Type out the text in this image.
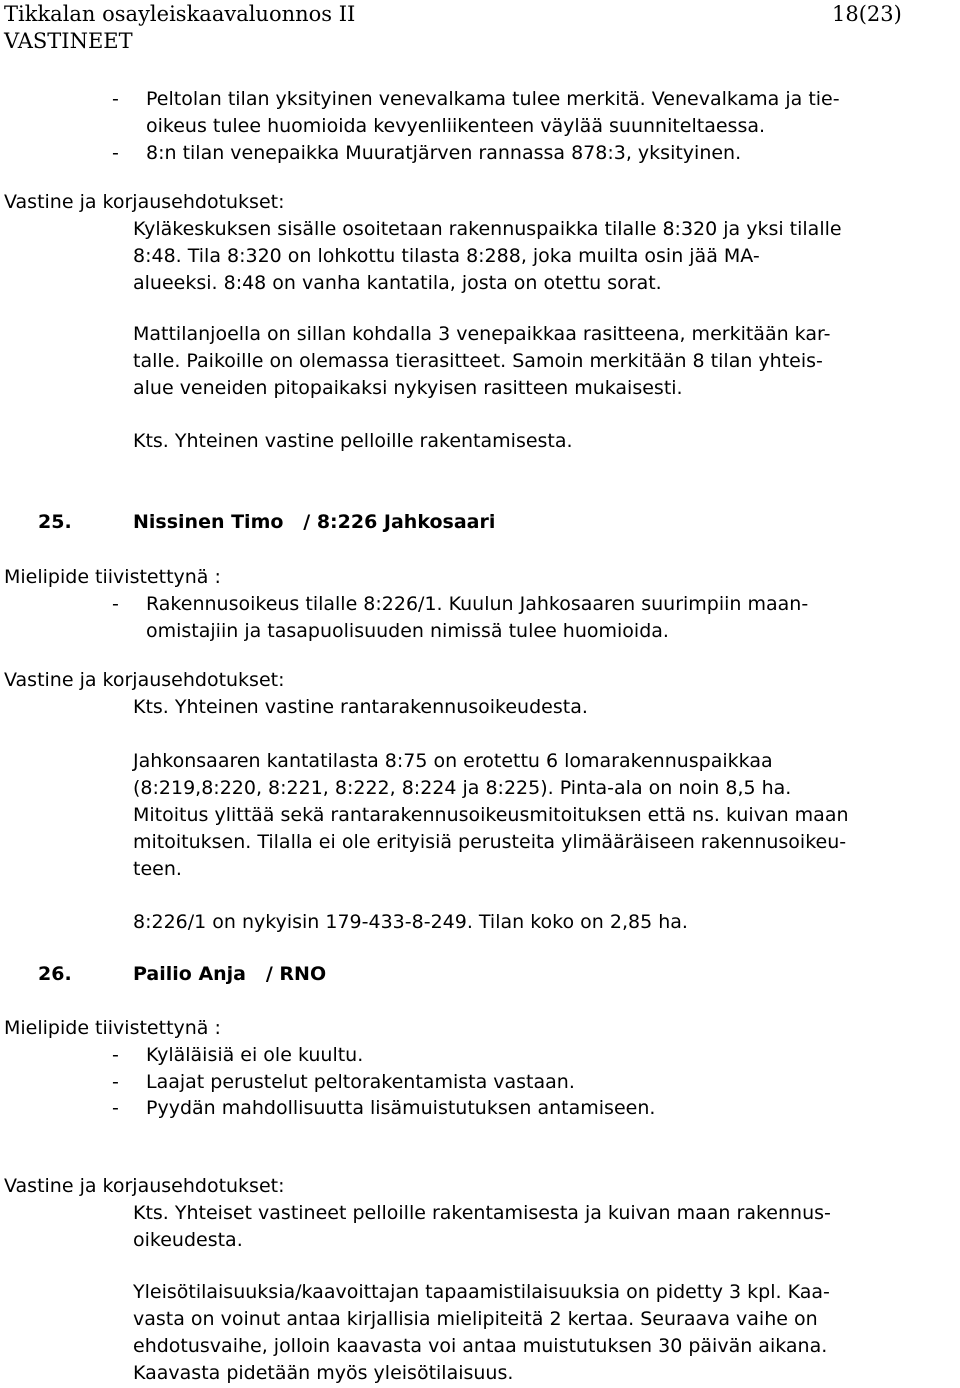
Tikkalan osayleiskaavaluonnos II	18(23)
VASTINEET
- Peltolan tilan yksityinen venevalkama tulee merkitä. Venevalkama ja tie-
oikeus tulee huomioida kevyenliikenteen väylää suunniteltaessa.
- 8:n tilan venepaikka Muuratjärven rannassa 878:3, yksityinen.
Vastine ja korjausehdotukset:
Kyläkeskuksen sisälle osoitetaan rakennuspaikka tilalle 8:320 ja yksi tilalle
8:48. Tila 8:320 on lohkottu tilasta 8:288, joka muilta osin jää MA-
alueeksi. 8:48 on vanha kantatila, josta on otettu sorat.
Mattilanjoella on sillan kohdalla 3 venepaikkaa rasitteena, merkitään kar-
talle. Paikoille on olemassa tierasitteet. Samoin merkitään 8 tilan yhteis-
alue veneiden pitopaikaksi nykyisen rasitteen mukaisesti.
Kts. Yhteinen vastine pelloille rakentamisesta.
25.	Nissinen Timo   / 8:226 Jahkosaari
Mielipide tiivistettynä :
- Rakennusoikeus tilalle 8:226/1. Kuulun Jahkosaaren suurimpiin maan-
omistajiin ja tasapuolisuuden nimissä tulee huomioida.
Vastine ja korjausehdotukset:
Kts. Yhteinen vastine rantarakennusoikeudesta.
Jahkonsaaren kantatilasta 8:75 on erotettu 6 lomarakennuspaikkaa
(8:219,8:220, 8:221, 8:222, 8:224 ja 8:225). Pinta-ala on noin 8,5 ha.
Mitoitus ylittää sekä rantarakennusoikeusmitoituksen että ns. kuivan maan
mitoituksen. Tilalla ei ole erityisiä perusteita ylimääräiseen rakennusoikeu-
teen.
8:226/1 on nykyisin 179-433-8-249. Tilan koko on 2,85 ha.
26.	Pailio Anja   / RNO
Mielipide tiivistettynä :
- Kyläläisiä ei ole kuultu.
- Laajat perustelut peltorakentamista vastaan.
- Pyydän mahdollisuutta lisämuistutuksen antamiseen.
Vastine ja korjausehdotukset:
Kts. Yhteiset vastineet pelloille rakentamisesta ja kuivan maan rakennus-
oikeudesta.
Yleisötilaisuuksia/kaavoittajan tapaamistilaisuuksia on pidetty 3 kpl. Kaa-
vasta on voinut antaa kirjallisia mielipiteitä 2 kertaa. Seuraava vaihe on
ehdotusvaihe, jolloin kaavasta voi antaa muistutuksen 30 päivän aikana.
Kaavasta pidetään myös yleisötilaisuus.
